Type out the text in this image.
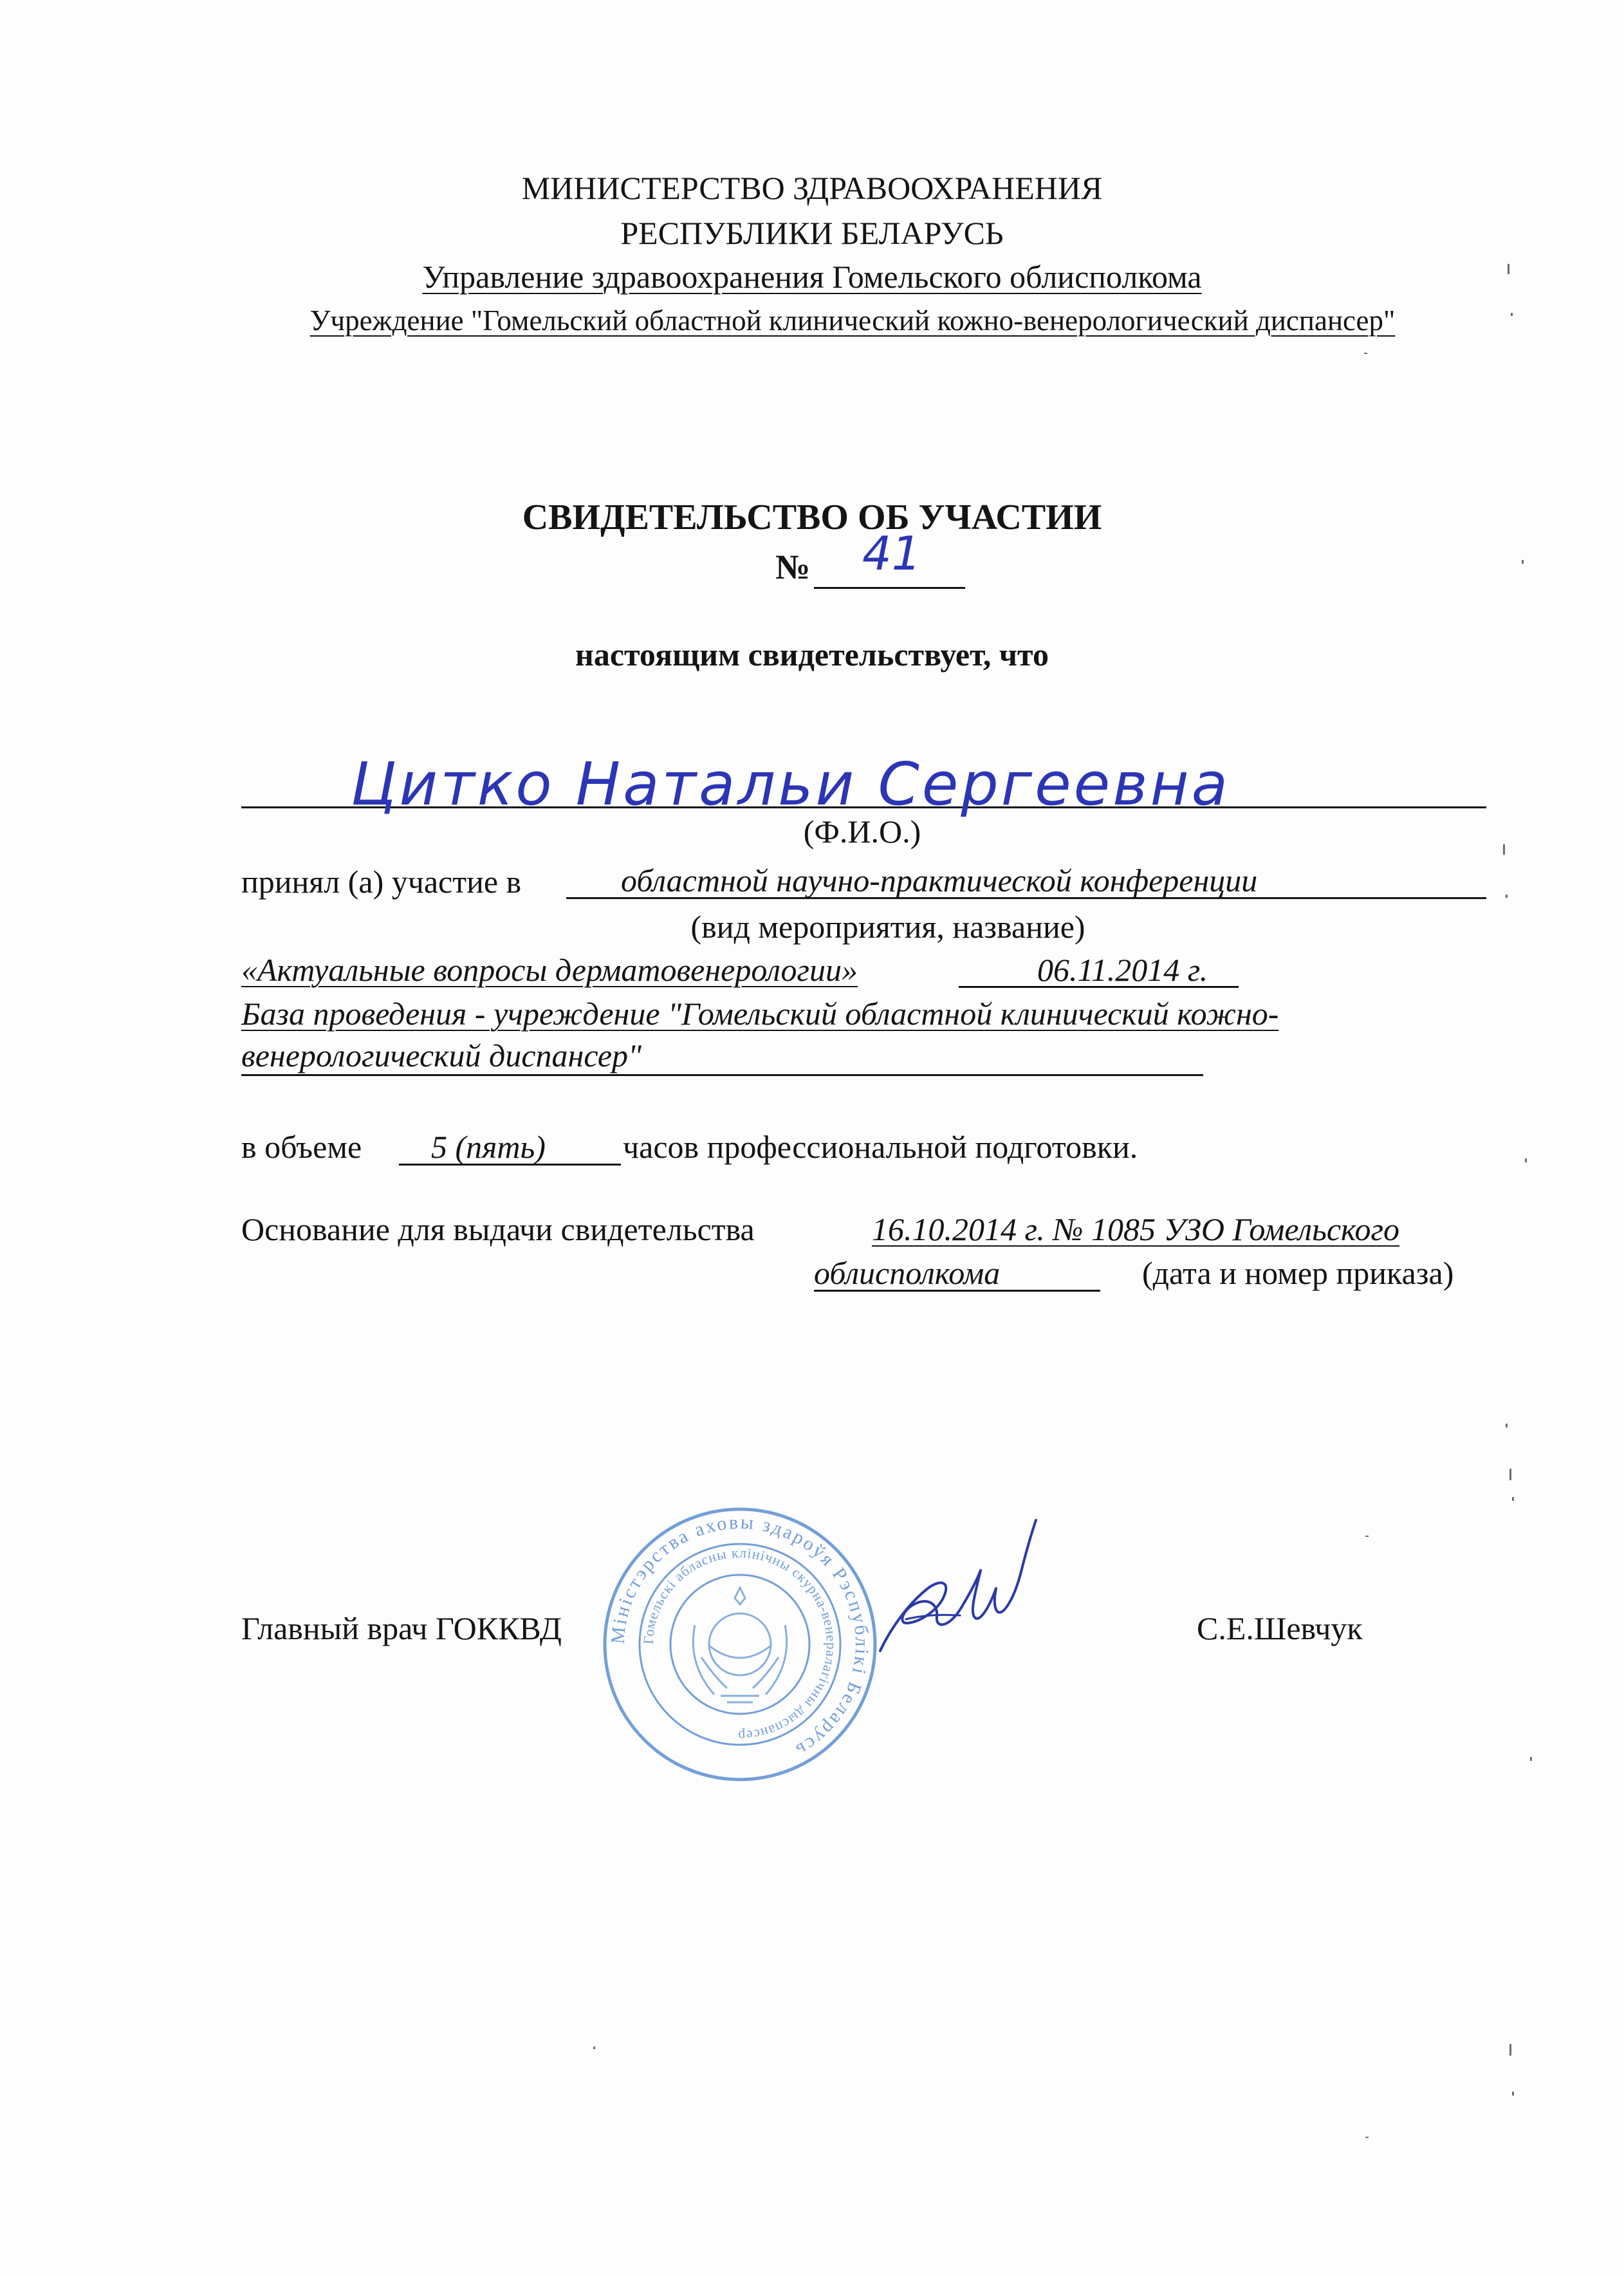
МИНИСТЕРСТВО ЗДРАВООХРАНЕНИЯ
РЕСПУБЛИКИ БЕЛАРУСЬ
Управление здравоохранения Гомельского облисполкома
Учреждение "Гомельский областной клинический кожно-венерологический диспансер"
СВИДЕТЕЛЬСТВО ОБ УЧАСТИИ
№ 41
настоящим свидетельствует, что
Цитко Натальи Сергеевна
(Ф.И.О.)
принял (а) участие в	областной научно-практической конференции
(вид мероприятия, название)
«Актуальные вопросы дерматовенерологии»	06.11.2014 г.
База проведения - учреждение "Гомельский областной клинический кожно-
венерологический диспансер"
в объеме 5 (пять) часов профессиональной подготовки.
Основание для выдачи свидетельства	16.10.2014 г. № 1085 УЗО Гомельского
облисполкома	(дата и номер приказа)
Главный врач ГОККВД	С.Е.Шевчук
Міністэрства аховы здароўя Рэспублікі Беларусь
Гомельскі абласны клінічны скурна-венералагічны дыспансер
